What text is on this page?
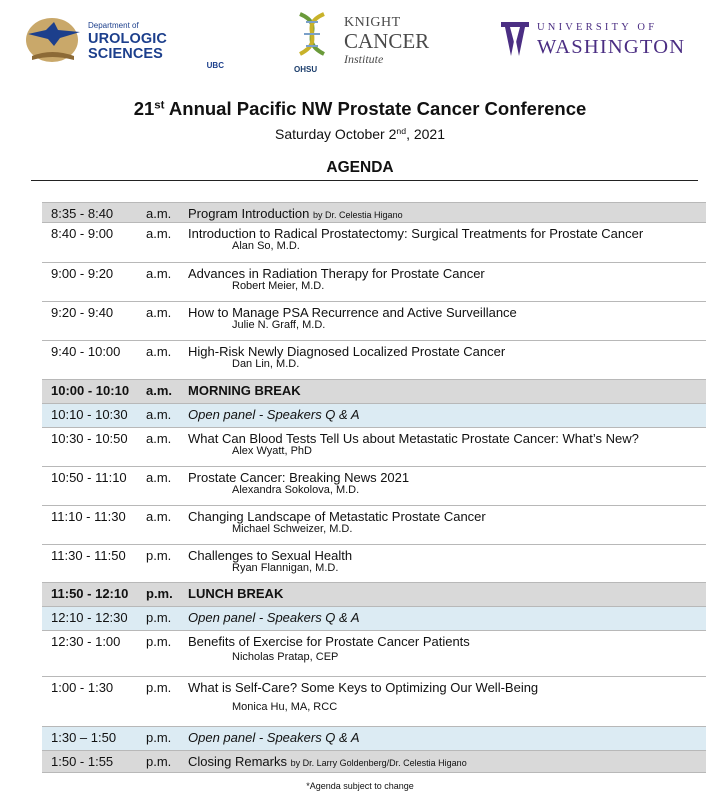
Department of
UROLOGIC SCIENCES
UBC	OHSU
KNIGHT
CANCER
Institute
UNIVERSITY OF
WASHINGTON
21st Annual Pacific NW Prostate Cancer Conference
Saturday October 2nd, 2021
AGENDA
8:35 - 8:40	a.m. Program Introduction by Dr. Celestia Higano
8:40 - 9:00	a.m. Introduction to Radical Prostatectomy: Surgical Treatments for Prostate Cancer
Alan So, M.D.
9:00 - 9:20	a.m. Advances in Radiation Therapy for Prostate Cancer
Robert Meier, M.D.
9:20 - 9:40	a.m. How to Manage PSA Recurrence and Active Surveillance
Julie N. Graff, M.D.
9:40 - 10:00 a.m. High-Risk Newly Diagnosed Localized Prostate Cancer
Dan Lin, M.D.
10:00 - 10:10 a.m. MORNING BREAK
10:10 - 10:30 a.m. Open panel - Speakers Q & A
10:30 - 10:50 a.m. What Can Blood Tests Tell Us about Metastatic Prostate Cancer: What’s New?
Alex Wyatt, PhD
10:50 - 11:10 a.m. Prostate Cancer: Breaking News 2021
Alexandra Sokolova, M.D.
11:10 - 11:30 a.m. Changing Landscape of Metastatic Prostate Cancer
Michael Schweizer, M.D.
11:30 - 11:50 p.m. Challenges to Sexual Health
Ryan Flannigan, M.D.
11:50 - 12:10 p.m. LUNCH BREAK
12:10 - 12:30 p.m. Open panel - Speakers Q & A
12:30 - 1:00 p.m. Benefits of Exercise for Prostate Cancer Patients
Nicholas Pratap, CEP
1:00 - 1:30	p.m. What is Self-Care? Some Keys to Optimizing Our Well-Being
Monica Hu, MA, RCC
1:30 – 1:50 p.m. Open panel - Speakers Q & A
1:50 - 1:55	p.m. Closing Remarks by Dr. Larry Goldenberg/Dr. Celestia Higano
*Agenda subject to change
